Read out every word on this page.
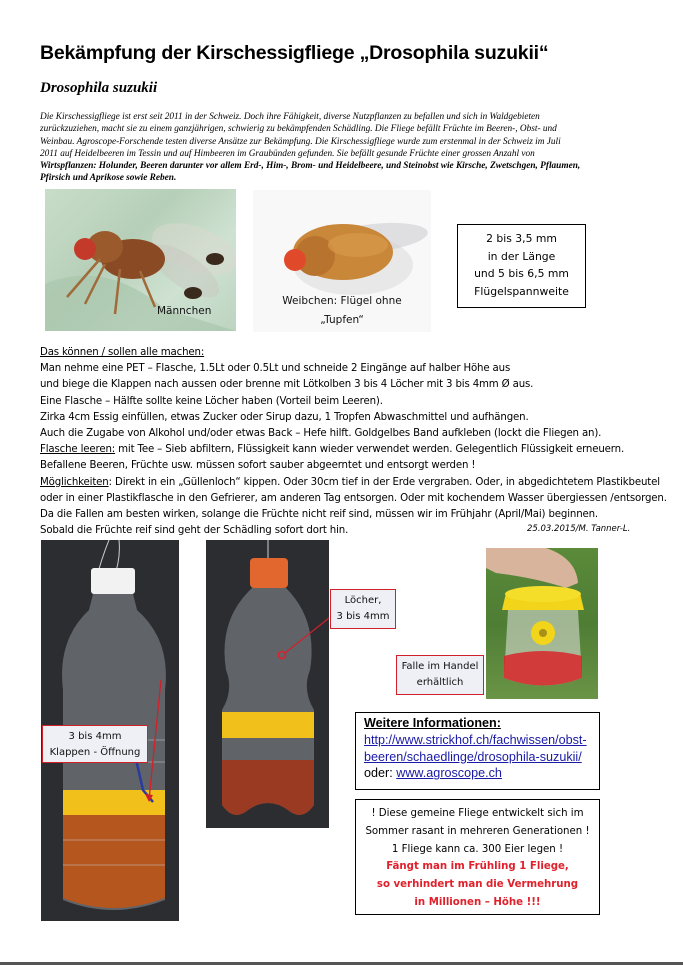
Bekämpfung der Kirschessigfliege „Drosophila suzukii“
Drosophila suzukii
Die Kirschessigfliege ist erst seit 2011 in der Schweiz. Doch ihre Fähigkeit, diverse Nutzpflanzen zu befallen und sich in Waldgebieten
zurückzuziehen, macht sie zu einem ganzjährigen, schwierig zu bekämpfenden Schädling. Die Fliege befällt Früchte im Beeren-, Obst- und
Weinbau. Agroscope-Forschende testen diverse Ansätze zur Bekämpfung. Die Kirschessigfliege wurde zum erstenmal in der Schweiz im Juli
2011 auf Heidelbeeren im Tessin und auf Himbeeren im Graubünden gefunden. Sie befällt gesunde Früchte einer grossen Anzahl von
Wirtspflanzen: Holunder, Beeren darunter vor allem Erd-, Him-, Brom- und Heidelbeere, und Steinobst wie Kirsche, Zwetschgen, Pflaumen,
Pfirsich und Aprikose sowie Reben.
Männchen
Weibchen: Flügel ohne
„Tupfen“
2 bis 3,5 mm
in der Länge
und 5 bis 6,5 mm
Flügelspannweite
Das können / sollen alle machen:
Man nehme eine PET – Flasche, 1.5Lt oder 0.5Lt und schneide 2 Eingänge auf halber Höhe aus
und biege die Klappen nach aussen oder brenne mit Lötkolben 3 bis 4 Löcher mit 3 bis 4mm Ø aus.
Eine Flasche – Hälfte sollte keine Löcher haben (Vorteil beim Leeren).
Zirka 4cm Essig einfüllen, etwas Zucker oder Sirup dazu, 1 Tropfen Abwaschmittel und aufhängen.
Auch die Zugabe von Alkohol und/oder etwas Back – Hefe hilft. Goldgelbes Band aufkleben (lockt die Fliegen an).
Flasche leeren: mit Tee – Sieb abfiltern, Flüssigkeit kann wieder verwendet werden. Gelegentlich Flüssigkeit erneuern.
Befallene Beeren, Früchte usw. müssen sofort sauber abgeerntet und entsorgt werden !
Möglichkeiten: Direkt in ein „Güllenloch“ kippen. Oder 30cm tief in der Erde vergraben. Oder, in abgedichtetem Plastikbeutel
oder in einer Plastikflasche in den Gefrierer, am anderen Tag entsorgen. Oder mit kochendem Wasser übergiessen /entsorgen.
Da die Fallen am besten wirken, solange die Früchte nicht reif sind, müssen wir im Frühjahr (April/Mai) beginnen.
Sobald die Früchte reif sind geht der Schädling sofort dort hin.	25.03.2015/M. Tanner-L.
3 bis 4mm
Klappen - Öffnung
Löcher,
3 bis 4mm
Falle im Handel
erhältlich
Weitere Informationen:
http://www.strickhof.ch/fachwissen/obst-
beeren/schaedlinge/drosophila-suzukii/
oder: www.agroscope.ch
! Diese gemeine Fliege entwickelt sich im
Sommer rasant in mehreren Generationen !
1 Fliege kann ca. 300 Eier legen !
Fängt man im Frühling 1 Fliege,
so verhindert man die Vermehrung
in Millionen – Höhe !!!
